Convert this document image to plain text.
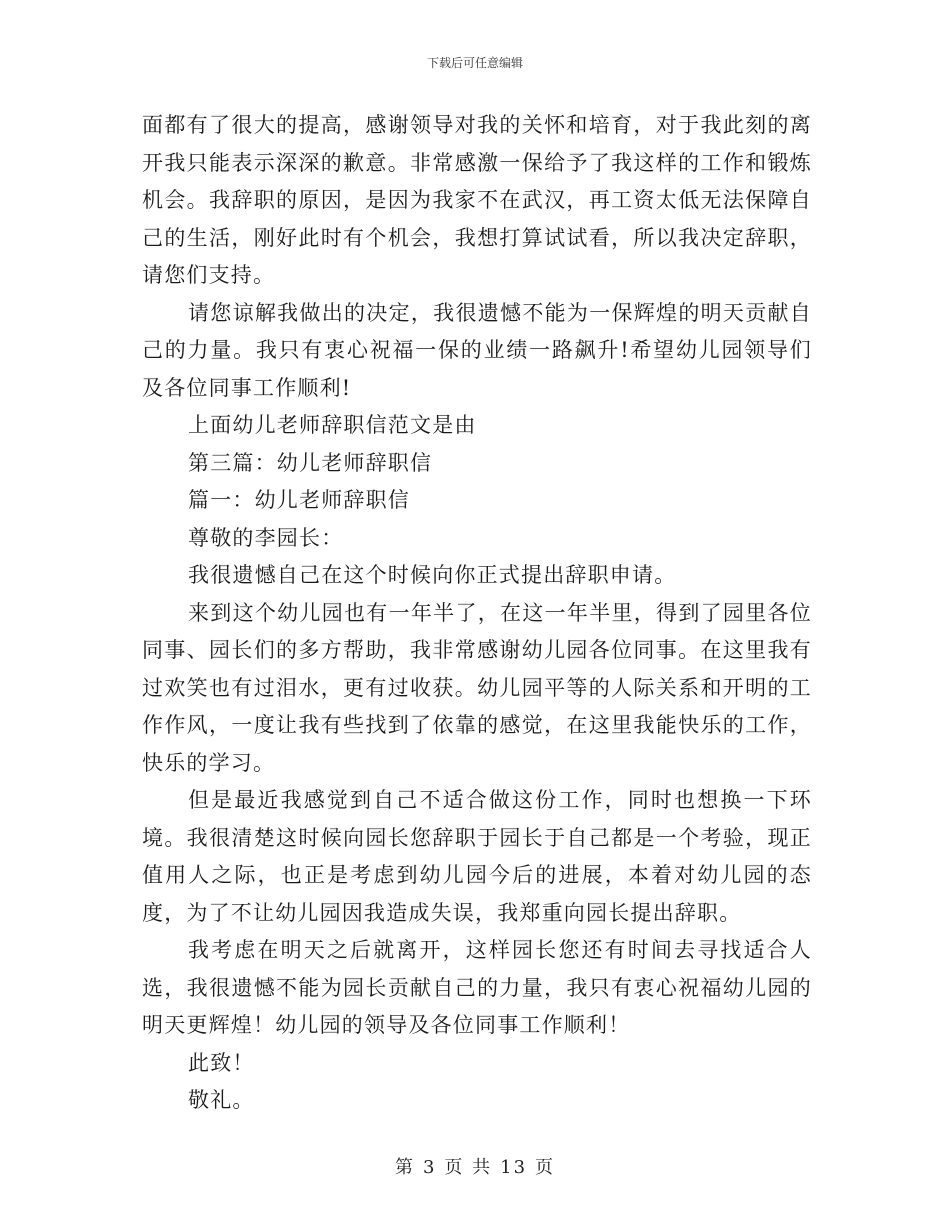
下载后可任意编辑

面都有了很大的提高，感谢领导对我的关怀和培育，对于我此刻的离开我只能表示深深的歉意。非常感激一保给予了我这样的工作和锻炼机会。我辞职的原因，是因为我家不在武汉，再工资太低无法保障自己的生活，刚好此时有个机会，我想打算试试看，所以我决定辞职，请您们支持。

请您谅解我做出的决定，我很遗憾不能为一保辉煌的明天贡献自己的力量。我只有衷心祝福一保的业绩一路飙升!希望幼儿园领导们及各位同事工作顺利!

上面幼儿老师辞职信范文是由

第三篇：幼儿老师辞职信

篇一：幼儿老师辞职信

尊敬的李园长：

我很遗憾自己在这个时候向你正式提出辞职申请。

来到这个幼儿园也有一年半了，在这一年半里，得到了园里各位同事、园长们的多方帮助，我非常感谢幼儿园各位同事。在这里我有过欢笑也有过泪水，更有过收获。幼儿园平等的人际关系和开明的工作作风，一度让我有些找到了依靠的感觉，在这里我能快乐的工作，快乐的学习。

但是最近我感觉到自己不适合做这份工作，同时也想换一下环境。我很清楚这时候向园长您辞职于园长于自己都是一个考验，现正值用人之际，也正是考虑到幼儿园今后的进展，本着对幼儿园的态度，为了不让幼儿园因我造成失误，我郑重向园长提出辞职。

我考虑在明天之后就离开，这样园长您还有时间去寻找适合人选，我很遗憾不能为园长贡献自己的力量，我只有衷心祝福幼儿园的明天更辉煌！幼儿园的领导及各位同事工作顺利！

此致！

敬礼。

第 3 页 共 13 页
